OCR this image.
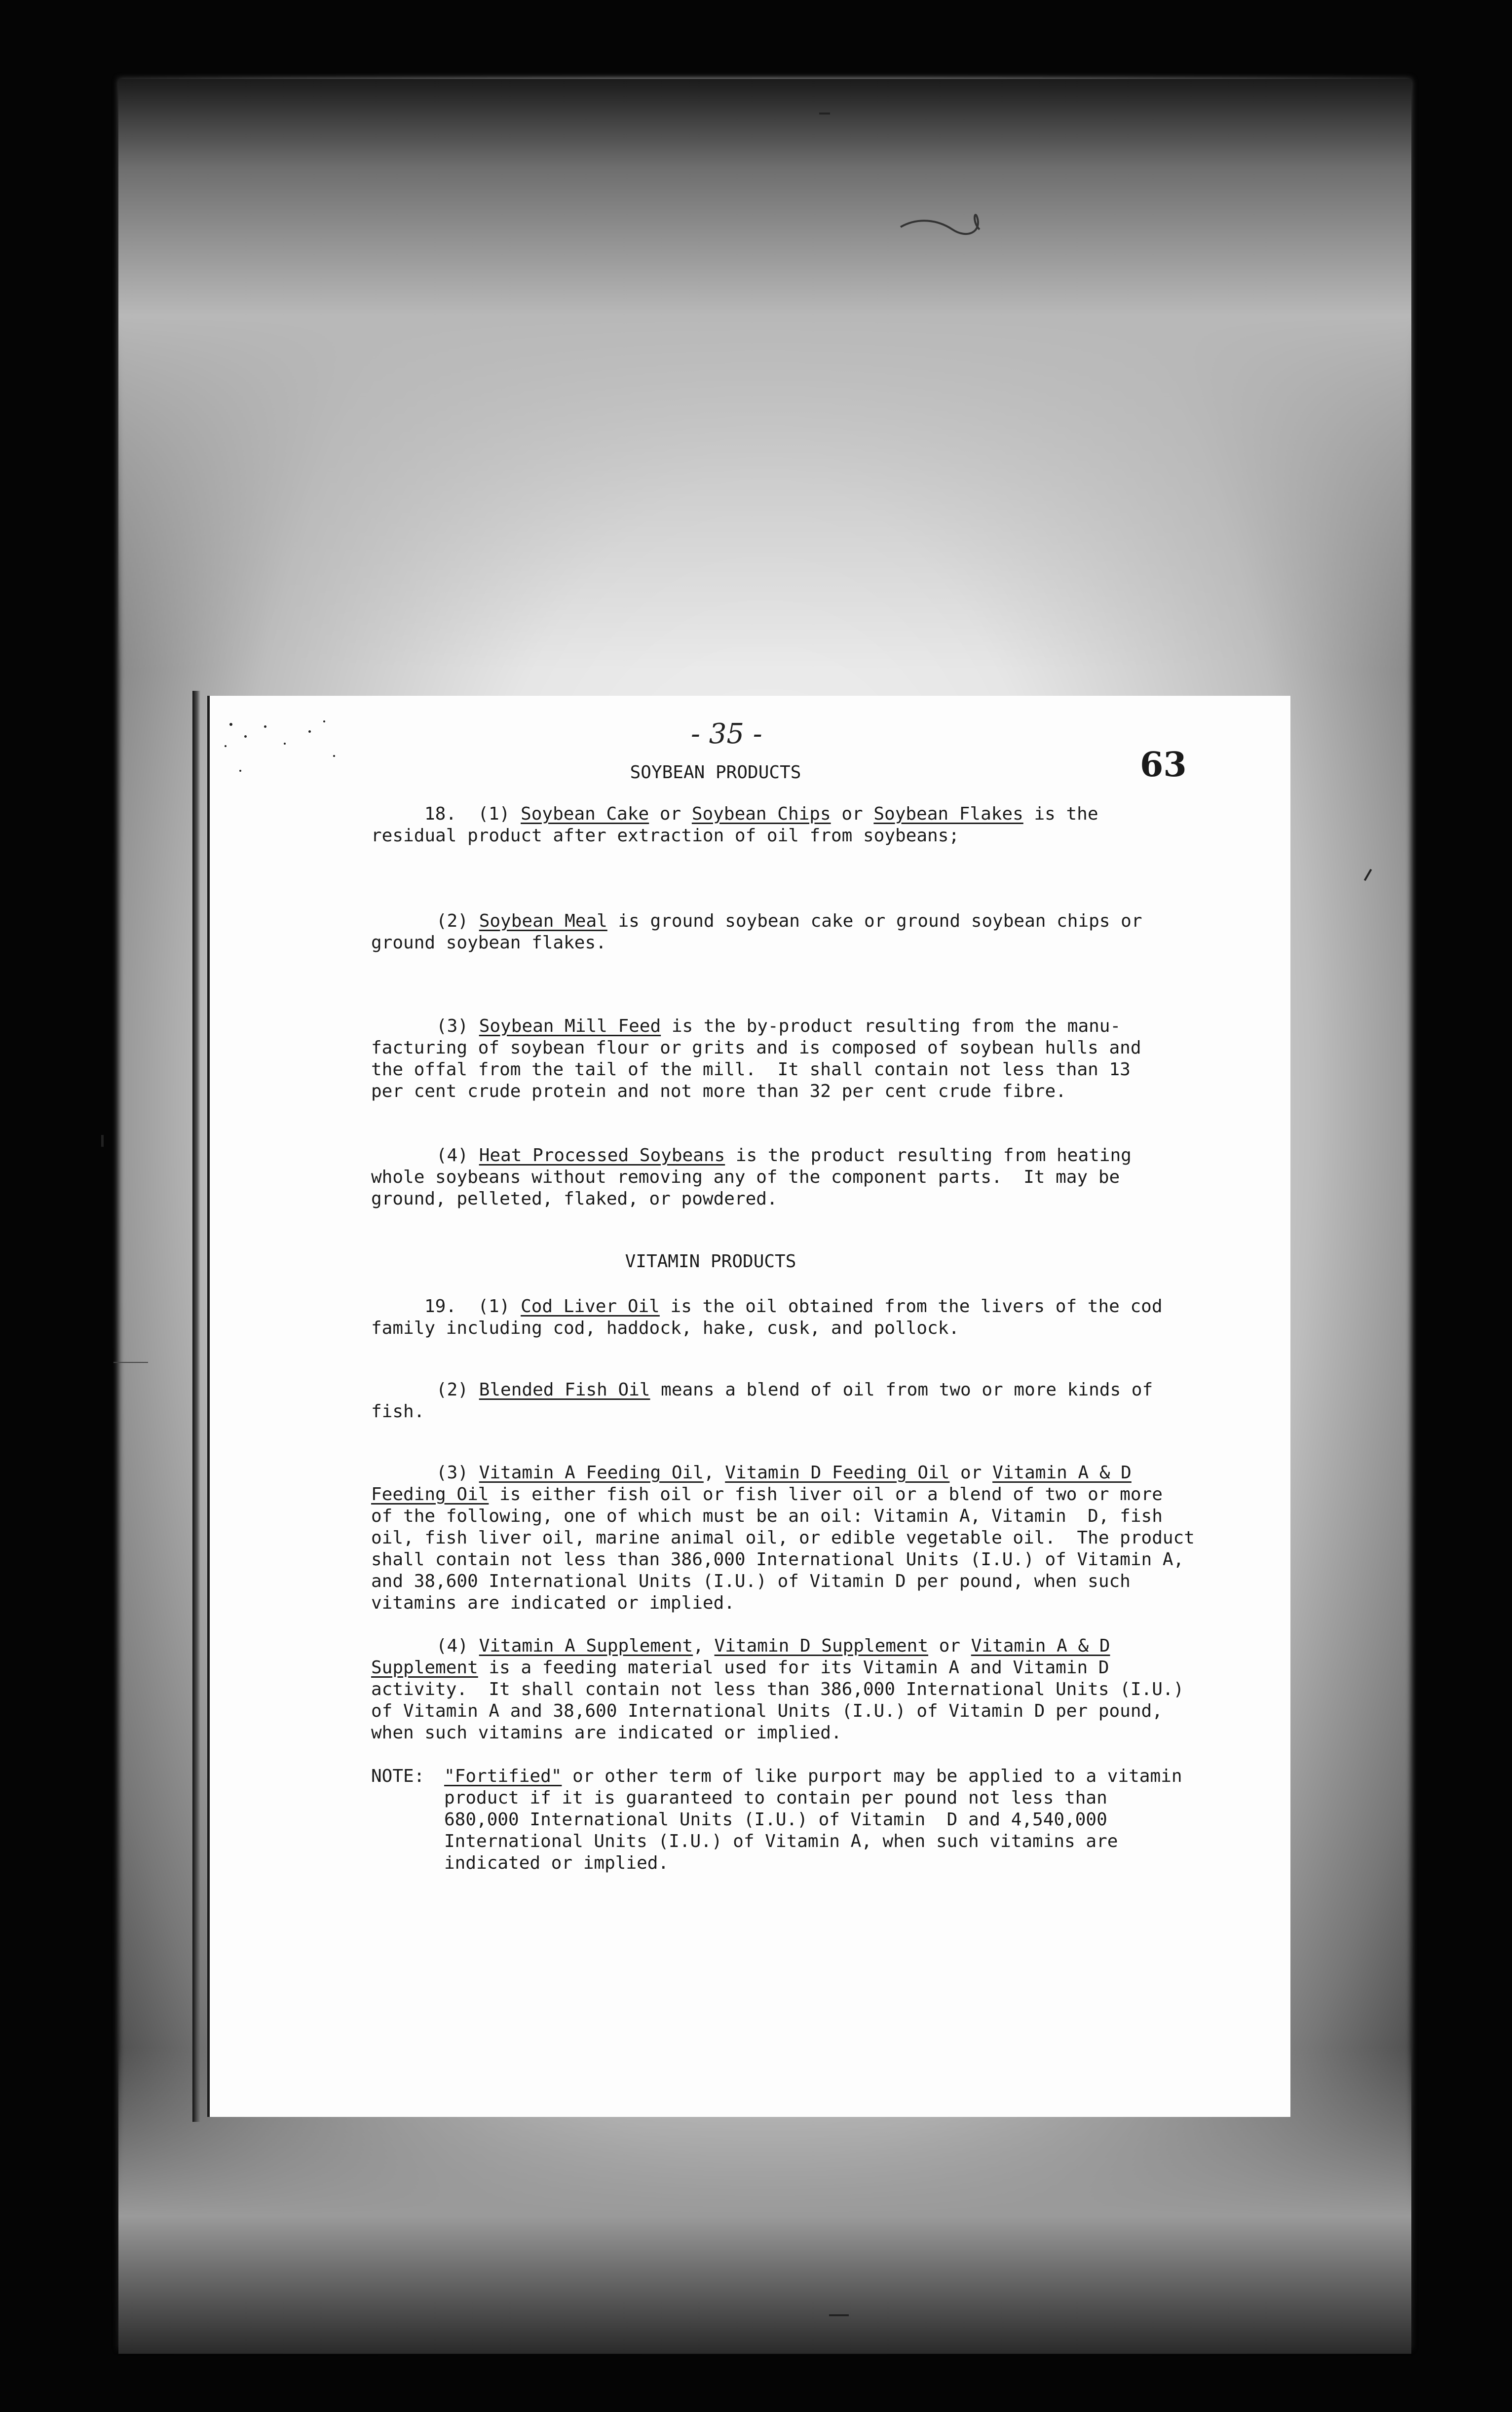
- 35 -
63
SOYBEAN PRODUCTS
18.  (1) Soybean Cake or Soybean Chips or Soybean Flakes is the
residual product after extraction of oil from soybeans;
(2) Soybean Meal is ground soybean cake or ground soybean chips or
ground soybean flakes.
(3) Soybean Mill Feed is the by-product resulting from the manu-
facturing of soybean flour or grits and is composed of soybean hulls and
the offal from the tail of the mill.  It shall contain not less than 13
per cent crude protein and not more than 32 per cent crude fibre.
(4) Heat Processed Soybeans is the product resulting from heating
whole soybeans without removing any of the component parts.  It may be
ground, pelleted, flaked, or powdered.
VITAMIN PRODUCTS
19.  (1) Cod Liver Oil is the oil obtained from the livers of the cod
family including cod, haddock, hake, cusk, and pollock.
(2) Blended Fish Oil means a blend of oil from two or more kinds of
fish.
(3) Vitamin A Feeding Oil, Vitamin D Feeding Oil or Vitamin A & D
Feeding Oil is either fish oil or fish liver oil or a blend of two or more
of the following, one of which must be an oil: Vitamin A, Vitamin  D, fish
oil, fish liver oil, marine animal oil, or edible vegetable oil.  The product
shall contain not less than 386,000 International Units (I.U.) of Vitamin A,
and 38,600 International Units (I.U.) of Vitamin D per pound, when such
vitamins are indicated or implied.
(4) Vitamin A Supplement, Vitamin D Supplement or Vitamin A & D
Supplement is a feeding material used for its Vitamin A and Vitamin D
activity.  It shall contain not less than 386,000 International Units (I.U.)
of Vitamin A and 38,600 International Units (I.U.) of Vitamin D per pound,
when such vitamins are indicated or implied.
NOTE: "Fortified" or other term of like purport may be applied to a vitamin
product if it is guaranteed to contain per pound not less than
680,000 International Units (I.U.) of Vitamin  D and 4,540,000
International Units (I.U.) of Vitamin A, when such vitamins are
indicated or implied.
